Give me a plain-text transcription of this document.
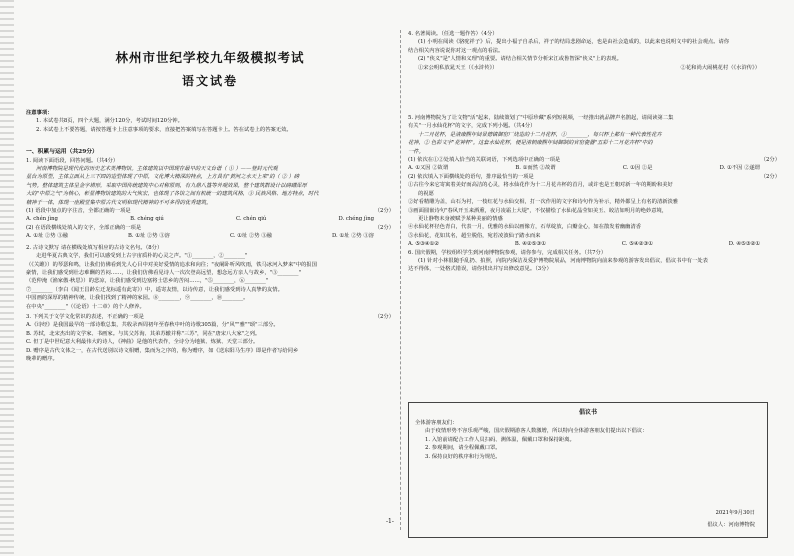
林州市世纪学校九年级模拟考试
语文试卷
注意事项：
1. 本试卷共8页，四个大题，满分120分，考试时间120分钟。
2. 本试卷上不要答题，请按答题卡上注意事项的要求，直接把答案填写在答题卡上。答在试卷上的答案无效。
一、积累与运用（共29分）
1. 阅读下面语段，回答问题。（共4分）
河南博物院是现代化的历史艺术类博物馆。主体建筑以中国现存最早的天文台谱（ ① ）——登封元代观
星台为原型，主体立面从上三下四的造型体现了中原，文化博大精深的特点，上方具有"黄河之水天上来"的（ ② ）磅
气势。整体建筑主体呈金字塔形，采取中国传统建筑中心对称原则，有九鼎八簋等外观效果，整个建筑群设计以磅礴浑厚
大的"中原之气"为核心，彰显博物馆建筑的大气恢宏，也体现了各馆之间有机统一的建筑风格，③ 民族风格、地方特点，时代
精神于一体，体现一座殿堂集中原古代文明和现代精神的不可多得的优秀建筑。
(1) 语段中加点的字注音，全都正确的一项是	（2分）
A. chén jìng	B. chéng qiú	C. chén qiú	D. chéng jìng
(2) 在语段横线处填入的文字，全部正确的一项是	（2分）
A. ①址 ②势 ③融	B. ①址 ②势 ③溶	C. ①址 ②势 ③融	D. ①址 ②势 ③溶
2. 古诗文默写 请在横线处填写相应的古诗文名句。（8分）
走进华夏古典文学，我们可以感受到上古宇宙质朴的心灵之声。"①________，②________"
（《关雎》）的琴瑟和鸣，让我们仿佛看到先人心目中对美好爱情的追求和向往；"夜阑卧听风吹雨，铁马冰河入梦来"中的报国
豪情，让我们感受到壮志难酬的苦闷……，让我们仿佛看见诗人一次次登高远望，想念远方亲人与故乡，"③________"
（范仲淹《渔家傲·秋思》）的悲凉，让我们感受到边塞将士思乡的苦闷……，"⑤________，⑥________"
⑦________（李白《闻王昌龄左迁龙标遥有此寄》）中，遥寄友情，以诗传意，让我们感受到诗人真挚的友情。
中国画的深厚的精神传统，让我们找到了精神的家园。⑧________，⑨________，⑩________。
在中央"________"（《论语》十二章）的个人修养。
3. 下列关于文学文化常识的表述，不正确的一项是	（2分）
A.《诗经》是我国最早的一部诗歌总集，共收录西周初年至春秋中叶的诗歌305篇，分"风""雅""颂"三部分。
B. 苏轼，北宋杰出的文学家、书画家。与其父苏洵、其弟苏辙并称"三苏"，同在"唐宋八大家"之列。
C. 但丁是中世纪意大利最伟大的诗人，《神曲》是他的代表作，全诗分为地狱、炼狱、天堂三部分。
D. 赠序是古代文体之一，在古代送别以诗文相赠，集而为之序的，称为赠序，如《送东阳马生序》即是作者写给同乡
晚辈的赠序。
4. 名著阅读。（任选一题作答）（4分）
(1) 小明在阅读《骆驼祥子》后，提出小福子自杀后，祥子的结局悲剧命运，也是由社会造成的，以此来也说明文中的社会观点。请你
结合相关内容说说你对这一观点的看法。
(2) "侠义"是"人情和义理"的重要。请结合相关情节分析宋江或鲁智深"侠义"上的表现。
①宋公明私放晁天王（《水浒传》）	②花和尚大闹桃花村（《水浒传》）
5. 河南博物院为了让文物"活"起来，陆续策划了"中原珍藏"系列短视频，一经推出就品牌声名鹊起，请阅读第二集
有关"一月水仙花杯"的文字，完成下列小题。（共4分）
十二月花杯，是清康熙年间景德镇御窑厂烧造的十二月花杯，①________，每只杯上都有一种代表性花卉
花神，② 色彩文字"花神杯"。这套水仙花杯，便是清朝康熙年间御制的官窑瓷器"五彩十二月花卉杯"中的
一件。
(1) 依次在①②处填入恰当的关联词语，下列选项中正确的一项是	（2分）
A. ①又因 ②故谓	B. ①而然 ②故谓	C. ①因 ②是	D. ①不因 ②遂谓
(2) 依次填入下面横线处的语句，排序最恰当的一项是	（2分）
①古往今来它寄寓着美好而高洁的心灵，将水仙花作为十二月花卉杯的首月，或许也是王朝对新一年的期盼和美好
的祝愿
②好看精雕为盖，山石为衬，一枝红花与水仙交相，打一次作用的文字和诗句作为补示，精外都呈上有名的清新淡雅
③画面圆嵌诗句"春风开玉来酒熏，夜月凌霜上大堤"，不仅描绘了水仙花晶莹如美玉、皎洁如明月的绝妙意境，
更让静物未身被赋予某种美丽的情感
④水仙花杯径色青白，代表一月，优雅的水仙以画像方，石草绽放，白瓣金心，如在散发着幽幽清香
⑤水仙花，花如其名，超尘脱俗，宛若凌波仙子踏水而来
A. ⑤③④①②	B. ④②⑤③①	C. ⑤④②③①	D. ④⑤③②①
6. 国庆假期，学校组织学生到河南博物院参观，请你参与，完成相关任务。（共7分）
(1) 针对小林很随手乱扔、拍照，向院内保洁及爱护博物院展品，河南博物院向前来参观的游客发出倡议，倡议书中有一处表
达不得体，一处格式错误，请你找出并写出修改意见。（3分）
倡议书
全体游客朋友们：
由于疫情形势不容乐观严峻，国庆假期游客人数激增，所以特向全体游客朋友们提出以下倡议：
1. 入馆前请配合工作人员扫码、测体温，佩戴口罩和保持距离。
2. 参观期间，请全程佩戴口罩。
3. 保持良好的秩序和行为规范。
2021年9月30日
倡议人：河南博物院
-1-
